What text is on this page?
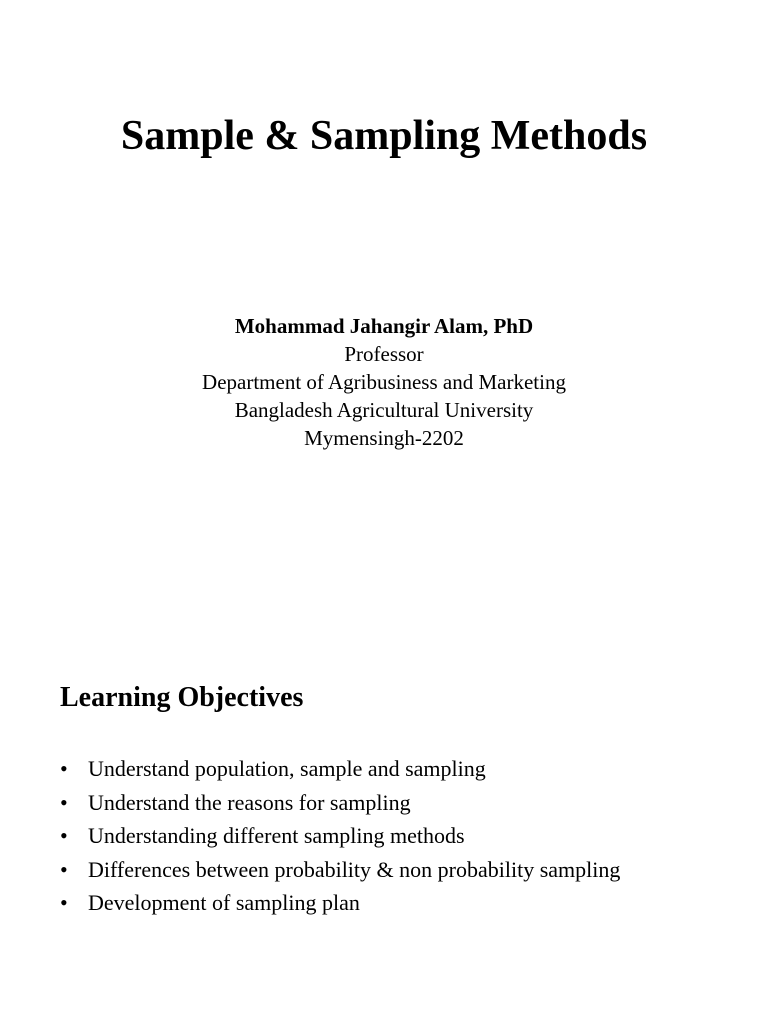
Sample & Sampling Methods
Mohammad Jahangir Alam, PhD
Professor
Department of Agribusiness and Marketing
Bangladesh Agricultural University
Mymensingh-2202
Learning Objectives
• Understand population, sample and sampling
• Understand the reasons for sampling
• Understanding different sampling methods
• Differences between probability & non probability sampling
• Development of sampling plan
